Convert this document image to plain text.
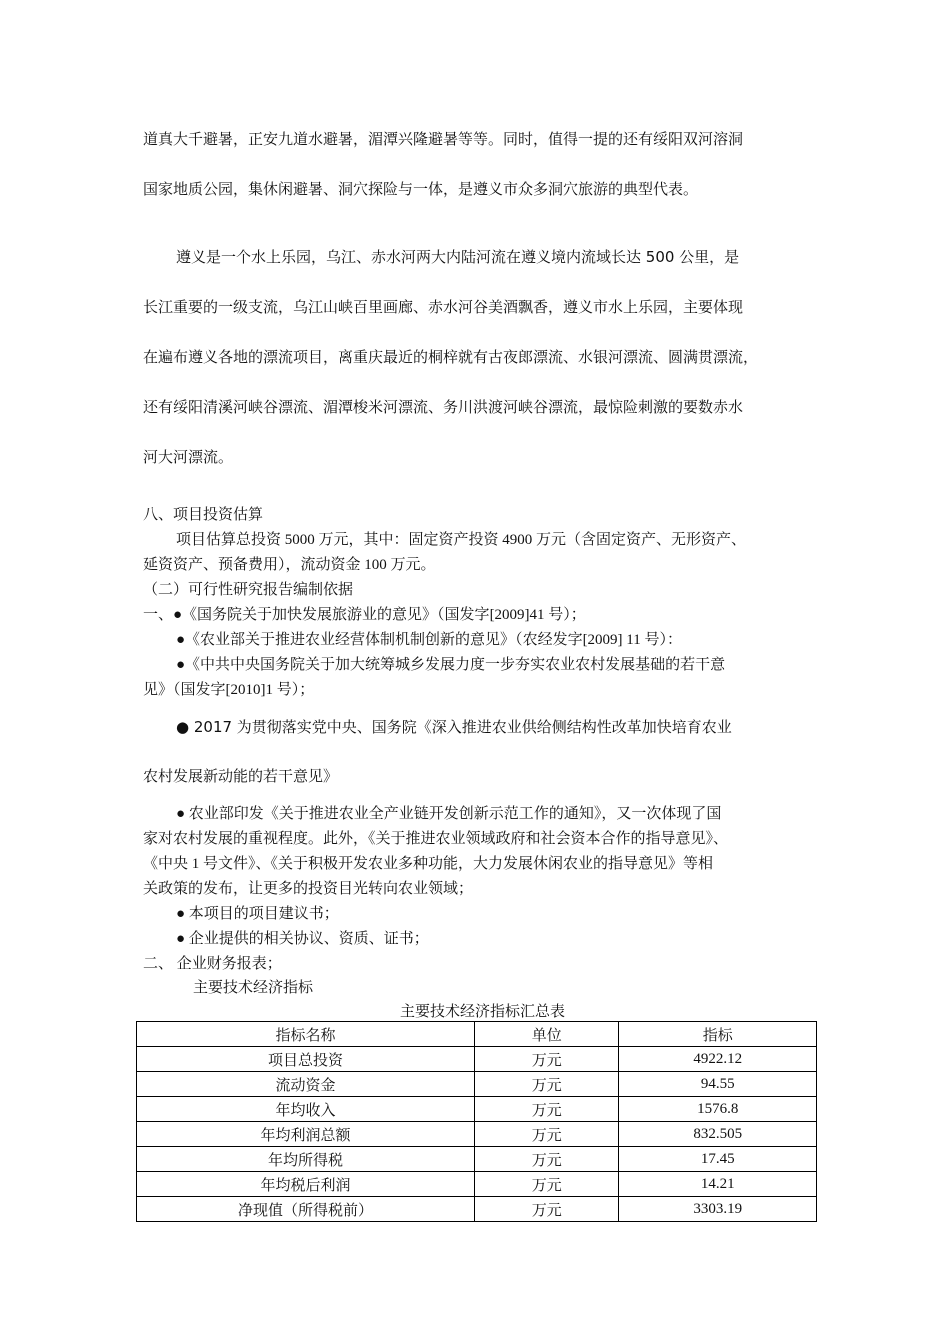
道真大千避暑，正安九道水避暑，湄潭兴隆避暑等等。同时，值得一提的还有绥阳双河溶洞
国家地质公园，集休闲避暑、洞穴探险与一体，是遵义市众多洞穴旅游的典型代表。
遵义是一个水上乐园，乌江、赤水河两大内陆河流在遵义境内流域长达 500 公里，是
长江重要的一级支流，乌江山峡百里画廊、赤水河谷美酒飘香，遵义市水上乐园，主要体现
在遍布遵义各地的漂流项目，离重庆最近的桐梓就有古夜郎漂流、水银河漂流、圆满贯漂流，
还有绥阳清溪河峡谷漂流、湄潭梭米河漂流、务川洪渡河峡谷漂流，最惊险刺激的要数赤水
河大河漂流。
八、项目投资估算
项目估算总投资 5000 万元，其中：固定资产投资 4900 万元（含固定资产、无形资产、
延资资产、预备费用），流动资金 100 万元。
（二）可行性研究报告编制依据
一、●《国务院关于加快发展旅游业的意见》（国发字[2009]41 号）；
●《农业部关于推进农业经营体制机制创新的意见》（农经发字[2009] 11 号）：
●《中共中央国务院关于加大统筹城乡发展力度一步夯实农业农村发展基础的若干意
见》（国发字[2010]1 号）；
● 2017 为贯彻落实党中央、国务院《深入推进农业供给侧结构性改革加快培育农业
农村发展新动能的若干意见》
● 农业部印发《关于推进农业全产业链开发创新示范工作的通知》，又一次体现了国
家对农村发展的重视程度。此外，《关于推进农业领域政府和社会资本合作的指导意见》、
《中央 1 号文件》、《关于积极开发农业多种功能，大力发展休闲农业的指导意见》等相
关政策的发布，让更多的投资目光转向农业领域；
● 本项目的项目建议书；
● 企业提供的相关协议、资质、证书；
二、 企业财务报表；
主要技术经济指标
主要技术经济指标汇总表
指标名称	单位	指标
项目总投资	万元	4922.12
流动资金	万元	94.55
年均收入	万元	1576.8
年均利润总额	万元	832.505
年均所得税	万元	17.45
年均税后利润	万元	14.21
净现值（所得税前）	万元	3303.19
